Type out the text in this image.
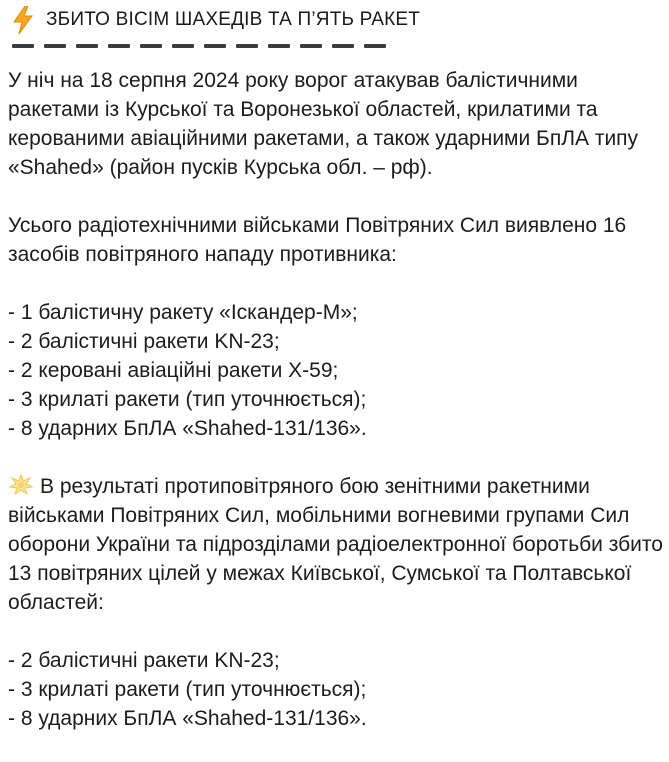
ЗБИТО ВІСІМ ШАХЕДІВ ТА П’ЯТЬ РАКЕТ

У ніч на 18 серпня 2024 року ворог атакував балістичними ракетами із Курської та Воронезької областей, крилатими та керованими авіаційними ракетами, а також ударними БпЛА типу «Shahed» (район пусків Курська обл. – рф).

Усього радіотехнічними військами Повітряних Сил виявлено 16 засобів повітряного нападу противника:

- 1 балістичну ракету «Іскандер-М»;
- 2 балістичні ракети KN-23;
- 2 керовані авіаційні ракети Х-59;
- 3 крилаті ракети (тип уточнюється);
- 8 ударних БпЛА «Shahed-131/136».

В результаті протиповітряного бою зенітними ракетними військами Повітряних Сил, мобільними вогневими групами Сил оборони України та підрозділами радіоелектронної боротьби збито 13 повітряних цілей у межах Київської, Сумської та Полтавської областей:

- 2 балістичні ракети KN-23;
- 3 крилаті ракети (тип уточнюється);
- 8 ударних БпЛА «Shahed-131/136».
